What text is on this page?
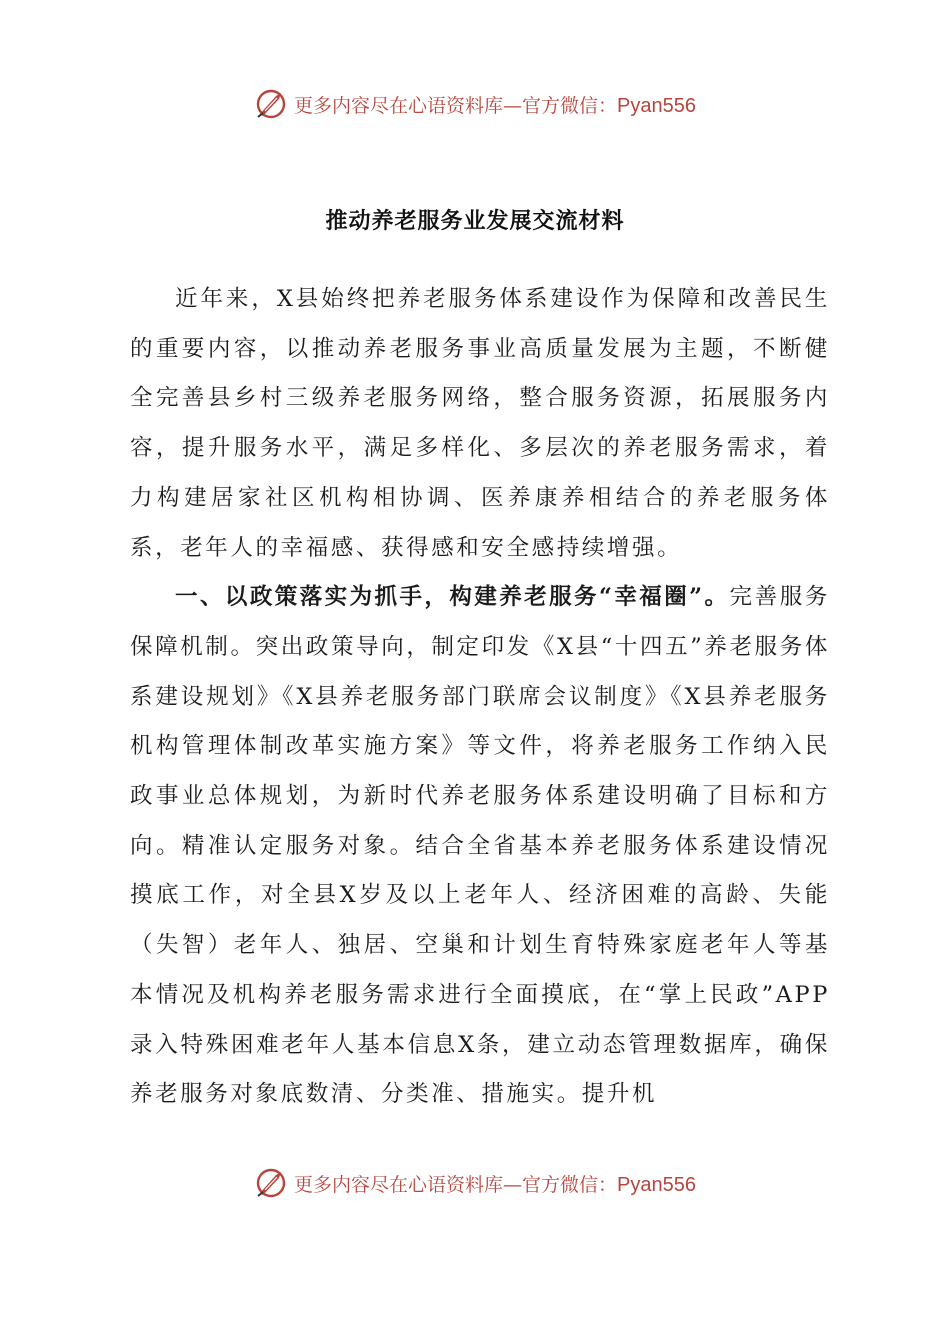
更多内容尽在心语资料库—官方微信：Pyan556
推动养老服务业发展交流材料

近年来，X县始终把养老服务体系建设作为保障和改善民生的重要内容，以推动养老服务事业高质量发展为主题，不断健全完善县乡村三级养老服务网络，整合服务资源，拓展服务内容，提升服务水平，满足多样化、多层次的养老服务需求，着力构建居家社区机构相协调、医养康养相结合的养老服务体系，老年人的幸福感、获得感和安全感持续增强。

一、以政策落实为抓手，构建养老服务“幸福圈”。完善服务保障机制。突出政策导向，制定印发《X县“十四五”养老服务体系建设规划》《X县养老服务部门联席会议制度》《X县养老服务机构管理体制改革实施方案》等文件，将养老服务工作纳入民政事业总体规划，为新时代养老服务体系建设明确了目标和方向。精准认定服务对象。结合全省基本养老服务体系建设情况摸底工作，对全县X岁及以上老年人、经济困难的高龄、失能（失智）老年人、独居、空巢和计划生育特殊家庭老年人等基本情况及机构养老服务需求进行全面摸底，在“掌上民政”APP录入特殊困难老年人基本信息X条，建立动态管理数据库，确保养老服务对象底数清、分类准、措施实。提升机

更多内容尽在心语资料库—官方微信：Pyan556
